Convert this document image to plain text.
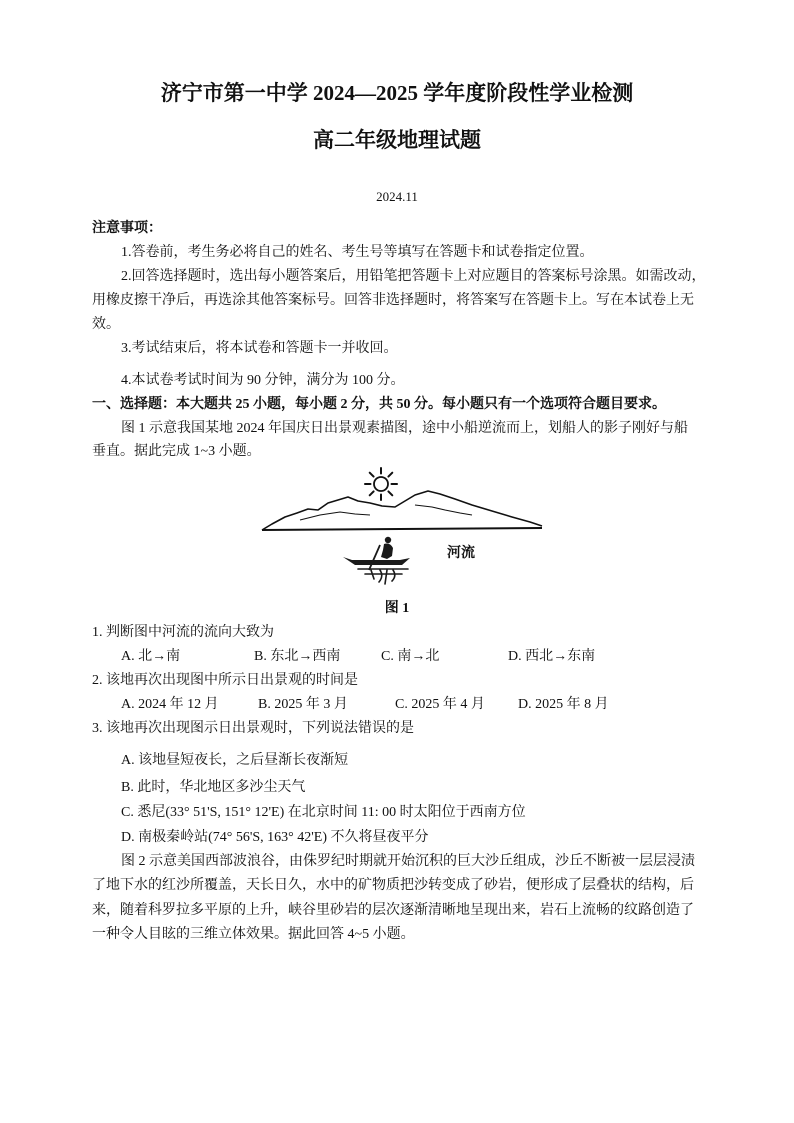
济宁市第一中学 2024—2025 学年度阶段性学业检测
高二年级地理试题
2024.11
注意事项：
1.答卷前，考生务必将自己的姓名、考生号等填写在答题卡和试卷指定位置。
2.回答选择题时，选出每小题答案后，用铅笔把答题卡上对应题目的答案标号涂黑。如需改动，
用橡皮擦干净后，再选涂其他答案标号。回答非选择题时，将答案写在答题卡上。写在本试卷上无
效。
3.考试结束后，将本试卷和答题卡一并收回。
4.本试卷考试时间为 90 分钟，满分为 100 分。
一、选择题：本大题共 25 小题，每小题 2 分，共 50 分。每小题只有一个选项符合题目要求。
图 1 示意我国某地 2024 年国庆日出景观素描图，途中小船逆流而上，划船人的影子刚好与船
垂直。据此完成 1~3 小题。
河流
图 1
1. 判断图中河流的流向大致为
A. 北→南	B. 东北→西南	C. 南→北	D. 西北→东南
2. 该地再次出现图中所示日出景观的时间是
A. 2024 年 12 月	B. 2025 年 3 月	C. 2025 年 4 月 D. 2025 年 8 月
3. 该地再次出现图示日出景观时，下列说法错误的是
A. 该地昼短夜长，之后昼渐长夜渐短
B. 此时，华北地区多沙尘天气
C. 悉尼(33° 51'S, 151° 12'E) 在北京时间 11: 00 时太阳位于西南方位
D. 南极秦岭站(74° 56'S, 163° 42'E) 不久将昼夜平分
图 2 示意美国西部波浪谷，由侏罗纪时期就开始沉积的巨大沙丘组成，沙丘不断被一层层浸渍
了地下水的红沙所覆盖，天长日久，水中的矿物质把沙转变成了砂岩，便形成了层叠状的结构，后
来，随着科罗拉多平原的上升，峡谷里砂岩的层次逐渐清晰地呈现出来，岩石上流畅的纹路创造了
一种令人目眩的三维立体效果。据此回答 4~5 小题。
